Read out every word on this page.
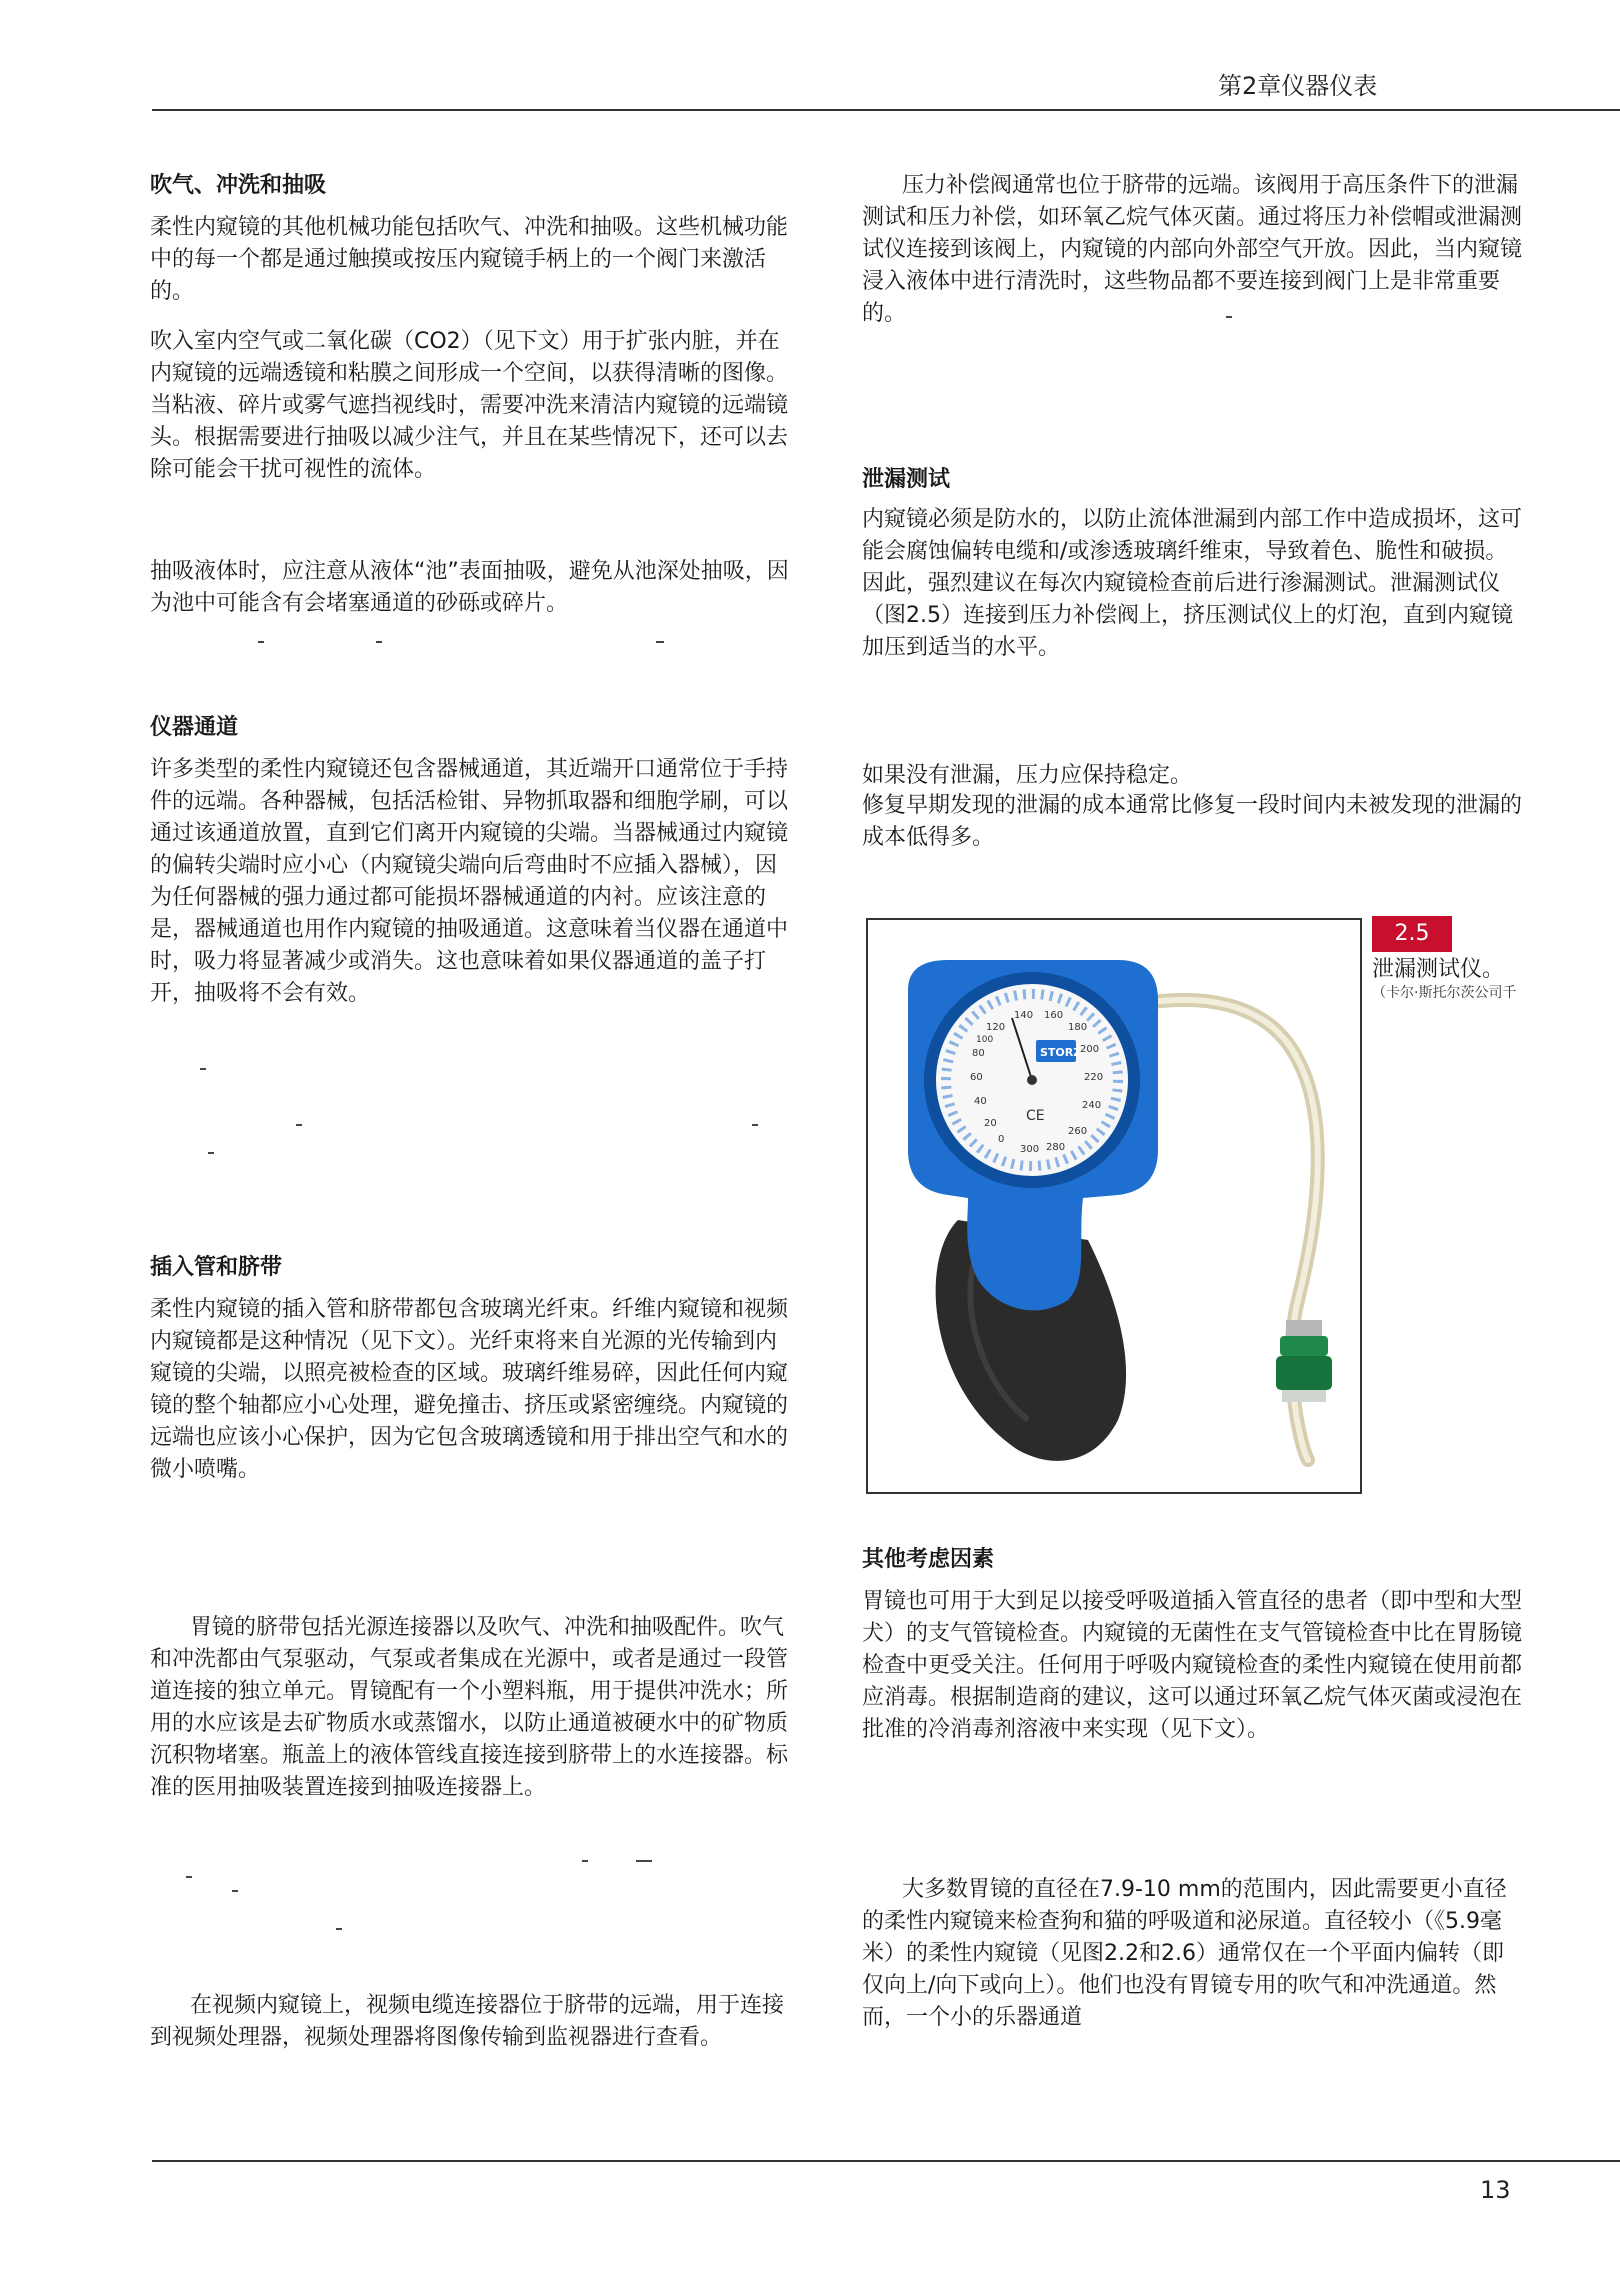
第2章仪器仪表
吹气、冲洗和抽吸

柔性内窥镜的其他机械功能包括吹气、冲洗和抽吸。这些机械功能中的每一个都是通过触摸或按压内窥镜手柄上的一个阀门来激活的。

吹入室内空气或二氧化碳（CO2）（见下文）用于扩张内脏，并在内窥镜的远端透镜和粘膜之间形成一个空间，以获得清晰的图像。当粘液、碎片或雾气遮挡视线时，需要冲洗来清洁内窥镜的远端镜头。根据需要进行抽吸以减少注气，并且在某些情况下，还可以去除可能会干扰可视性的流体。

抽吸液体时，应注意从液体“池”表面抽吸，避免从池深处抽吸，因为池中可能含有会堵塞通道的砂砾或碎片。

仪器通道

许多类型的柔性内窥镜还包含器械通道，其近端开口通常位于手持件的远端。各种器械，包括活检钳、异物抓取器和细胞学刷，可以通过该通道放置，直到它们离开内窥镜的尖端。当器械通过内窥镜的偏转尖端时应小心（内窥镜尖端向后弯曲时不应插入器械），因为任何器械的强力通过都可能损坏器械通道的内衬。应该注意的是，器械通道也用作内窥镜的抽吸通道。这意味着当仪器在通道中时，吸力将显著减少或消失。这也意味着如果仪器通道的盖子打开，抽吸将不会有效。

插入管和脐带

柔性内窥镜的插入管和脐带都包含玻璃光纤束。纤维内窥镜和视频内窥镜都是这种情况（见下文）。光纤束将来自光源的光传输到内窥镜的尖端，以照亮被检查的区域。玻璃纤维易碎，因此任何内窥镜的整个轴都应小心处理，避免撞击、挤压或紧密缠绕。内窥镜的远端也应该小心保护，因为它包含玻璃透镜和用于排出空气和水的微小喷嘴。

胃镜的脐带包括光源连接器以及吹气、冲洗和抽吸配件。吹气和冲洗都由气泵驱动，气泵或者集成在光源中，或者是通过一段管道连接的独立单元。胃镜配有一个小塑料瓶，用于提供冲洗水；所用的水应该是去矿物质水或蒸馏水，以防止通道被硬水中的矿物质沉积物堵塞。瓶盖上的液体管线直接连接到脐带上的水连接器。标准的医用抽吸装置连接到抽吸连接器上。

在视频内窥镜上，视频电缆连接器位于脐带的远端，用于连接到视频处理器，视频处理器将图像传输到监视器进行查看。

压力补偿阀通常也位于脐带的远端。该阀用于高压条件下的泄漏测试和压力补偿，如环氧乙烷气体灭菌。通过将压力补偿帽或泄漏测试仪连接到该阀上，内窥镜的内部向外部空气开放。因此，当内窥镜浸入液体中进行清洗时，这些物品都不要连接到阀门上是非常重要的。

泄漏测试

内窥镜必须是防水的，以防止流体泄漏到内部工作中造成损坏，这可能会腐蚀偏转电缆和/或渗透玻璃纤维束，导致着色、脆性和破损。因此，强烈建议在每次内窥镜检查前后进行渗漏测试。泄漏测试仪（图2.5）连接到压力补偿阀上，挤压测试仪上的灯泡，直到内窥镜加压到适当的水平。

如果没有泄漏，压力应保持稳定。

修复早期发现的泄漏的成本通常比修复一段时间内未被发现的泄漏的成本低得多。

120
140 160
180
200
220
240
260
280
300
0
20
40
60
80
100
STORZ
CE
2.5
泄漏测试仪。
（卡尔·斯托尔茨公司千
其他考虑因素

胃镜也可用于大到足以接受呼吸道插入管直径的患者（即中型和大型犬）的支气管镜检查。内窥镜的无菌性在支气管镜检查中比在胃肠镜检查中更受关注。任何用于呼吸内窥镜检查的柔性内窥镜在使用前都应消毒。根据制造商的建议，这可以通过环氧乙烷气体灭菌或浸泡在批准的冷消毒剂溶液中来实现（见下文）。

大多数胃镜的直径在7.9-10 mm的范围内，因此需要更小直径的柔性内窥镜来检查狗和猫的呼吸道和泌尿道。直径较小（《5.9毫米）的柔性内窥镜（见图2.2和2.6）通常仅在一个平面内偏转（即仅向上/向下或向上）。他们也没有胃镜专用的吹气和冲洗通道。然而，一个小的乐器通道

13
